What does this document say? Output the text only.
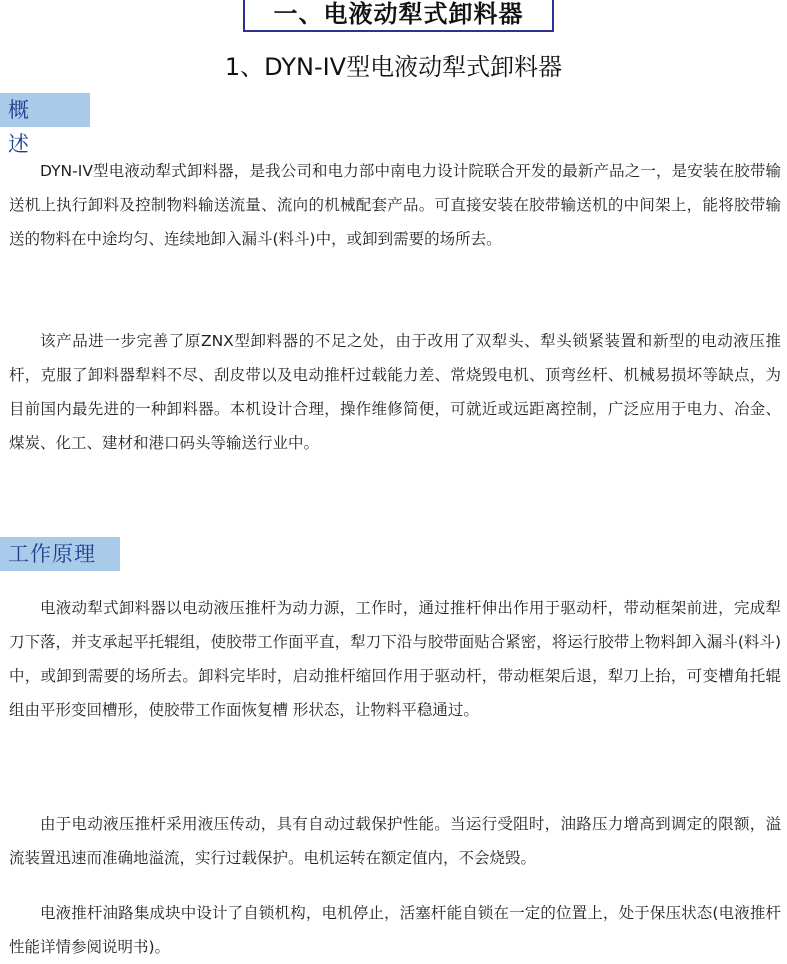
一、电液动犁式卸料器
1、DYN-IV型电液动犁式卸料器
概 述

DYN-IV型电液动犁式卸料器，是我公司和电力部中南电力设计院联合开发的最新产品之一，是安装在胶带输送机上执行卸料及控制物料输送流量、流向的机械配套产品。可直接安装在胶带输送机的中间架上，能将胶带输送的物料在中途均匀、连续地卸入漏斗(料斗)中，或卸到需要的场所去。

该产品进一步完善了原ZNX型卸料器的不足之处，由于改用了双犁头、犁头锁紧装置和新型的电动液压推杆，克服了卸料器犁料不尽、刮皮带以及电动推杆过载能力差、常烧毁电机、顶弯丝杆、机械易损坏等缺点，为目前国内最先进的一种卸料器。本机设计合理，操作维修简便，可就近或远距离控制，广泛应用于电力、冶金、煤炭、化工、建材和港口码头等输送行业中。

工作原理

电液动犁式卸料器以电动液压推杆为动力源，工作时，通过推杆伸出作用于驱动杆，带动框架前进，完成犁刀下落，并支承起平托辊组，使胶带工作面平直，犁刀下沿与胶带面贴合紧密，将运行胶带上物料卸入漏斗(料斗)中，或卸到需要的场所去。卸料完毕时，启动推杆缩回作用于驱动杆，带动框架后退，犁刀上抬，可变槽角托辊组由平形变回槽形，使胶带工作面恢复槽 形状态，让物料平稳通过。

由于电动液压推杆采用液压传动，具有自动过载保护性能。当运行受阻时，油路压力增高到调定的限额，溢流装置迅速而准确地溢流，实行过载保护。电机运转在额定值内，不会烧毁。

电液推杆油路集成块中设计了自锁机构，电机停止，活塞杆能自锁在一定的位置上，处于保压状态(电液推杆性能详情参阅说明书)。
